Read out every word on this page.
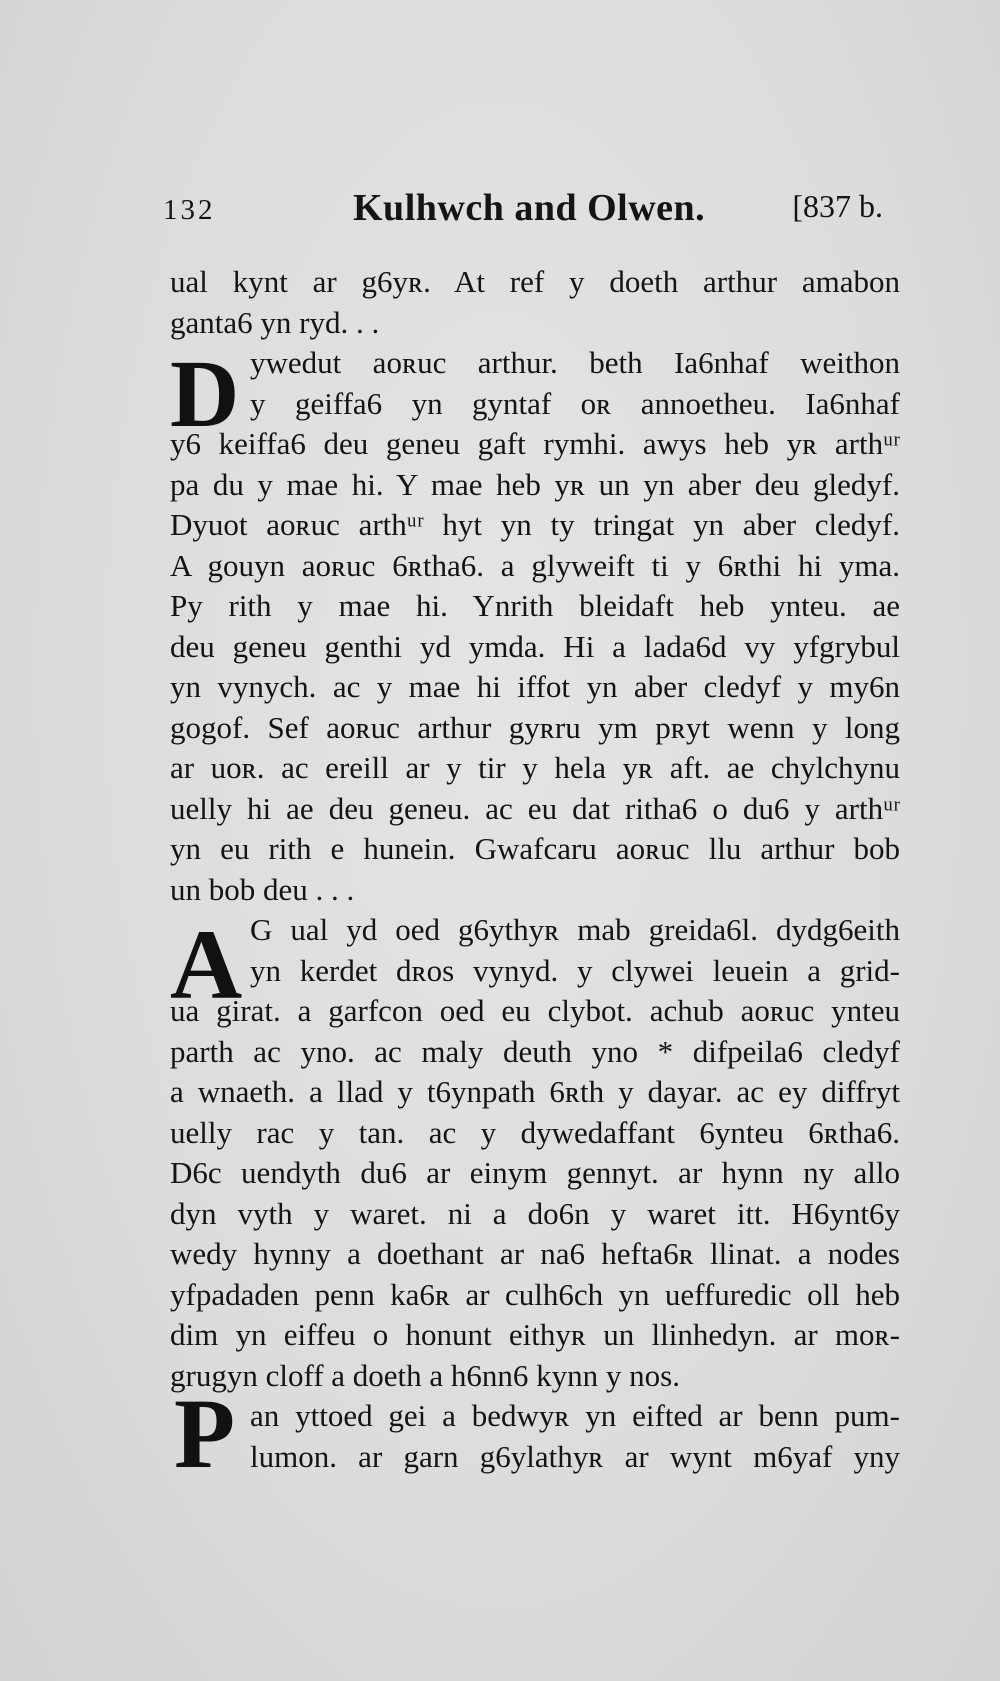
132	Kulhwch and Olwen.	[837 b.
D
A
P
ual kynt ar g6yʀ. At ref y doeth arthur amabon
ganta6 yn ryd. . .
ywedut aoʀuc arthur. beth Ia6nhaf weithon
y geiffa6 yn gyntaf oʀ annoetheu. Ia6nhaf
y6 keiffa6 deu geneu gaft rymhi. awys heb yʀ arthᵘʳ
pa du y mae hi. Y mae heb yʀ un yn aber deu gledyf.
Dyuot aoʀuc arthᵘʳ hyt yn ty tringat yn aber cledyf.
A gouyn aoʀuc 6ʀtha6. a glyweift ti y 6ʀthi hi yma.
Py rith y mae hi. Ynrith bleidaft heb ynteu. ae
deu geneu genthi yd ymda. Hi a lada6d vy yfgrybul
yn vynych. ac y mae hi iffot yn aber cledyf y my6n
gogof. Sef aoʀuc arthur gyʀru ym pʀyt wenn y long
ar uoʀ. ac ereill ar y tir y hela yʀ aft. ae chylchynu
uelly hi ae deu geneu. ac eu dat ritha6 o du6 y arthᵘʳ
yn eu rith e hunein. Gwafcaru aoʀuc llu arthur bob
un bob deu . . .
G ual yd oed g6ythyʀ mab greida6l. dydg6eith
yn kerdet dʀos vynyd. y clywei leuein a grid-
ua girat. a garfcon oed eu clybot. achub aoʀuc ynteu
parth ac yno. ac maly deuth yno * difpeila6 cledyf
a wnaeth. a llad y t6ynpath 6ʀth y dayar. ac ey diffryt
uelly rac y tan. ac y dywedaffant 6ynteu 6ʀtha6.
D6c uendyth du6 ar einym gennyt. ar hynn ny allo
dyn vyth y waret. ni a do6n y waret itt. H6ynt6y
wedy hynny a doethant ar na6 hefta6ʀ llinat. a nodes
yfpadaden penn ka6ʀ ar culh6ch yn ueffuredic oll heb
dim yn eiffeu o honunt eithyʀ un llinhedyn. ar moʀ-
grugyn cloff a doeth a h6nn6 kynn y nos.
an yttoed gei a bedwyʀ yn eifted ar benn pum-
lumon. ar garn g6ylathyʀ ar wynt m6yaf yny
